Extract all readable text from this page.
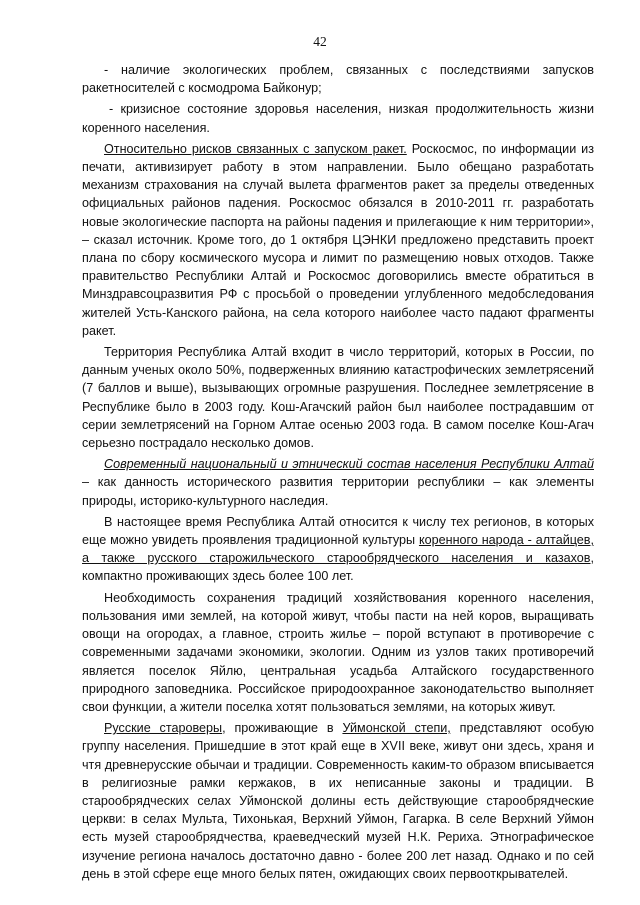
42

- наличие экологических проблем, связанных с последствиями запусков ракетносителей с космодрома Байконур;

- кризисное состояние здоровья населения, низкая продолжительность жизни коренного населения.

Относительно рисков связанных с запуском ракет. Роскосмос, по информации из печати, активизирует работу в этом направлении. Было обещано разработать механизм страхования на случай вылета фрагментов ракет за пределы отведенных официальных районов падения. Роскосмос обязался в 2010-2011 гг. разработать новые экологические паспорта на районы падения и прилегающие к ним территории», – сказал источник. Кроме того, до 1 октября ЦЭНКИ предложено представить проект плана по сбору космического мусора и лимит по размещению новых отходов. Также правительство Республики Алтай и Роскосмос договорились вместе обратиться в Минздравсоцразвития РФ с просьбой о проведении углубленного медобследования жителей Усть-Канского района, на села которого наиболее часто падают фрагменты ракет.

Территория Республика Алтай входит в число территорий, которых в России, по данным ученых около 50%, подверженных влиянию катастрофических землетрясений (7 баллов и выше), вызывающих огромные разрушения. Последнее землетрясение в Республике было в 2003 году. Кош-Агачский район был наиболее пострадавшим от серии землетрясений на Горном Алтае осенью 2003 года. В самом поселке Кош-Агач серьезно пострадало несколько домов.

Современный национальный и этнический состав населения Республики Алтай – как данность исторического развития территории республики – как элементы природы, историко-культурного наследия.

В настоящее время Республика Алтай относится к числу тех регионов, в которых еще можно увидеть проявления традиционной культуры коренного народа - алтайцев, а также русского старожильческого старообрядческого населения и казахов, компактно проживающих здесь более 100 лет.

Необходимость сохранения традиций хозяйствования коренного населения, пользования ими землей, на которой живут, чтобы пасти на ней коров, выращивать овощи на огородах, а главное, строить жилье – порой вступают в противоречие с современными задачами экономики, экологии. Одним из узлов таких противоречий является поселок Яйлю, центральная усадьба Алтайского государственного природного заповедника. Российское природоохранное законодательство выполняет свои функции, а жители поселка хотят пользоваться землями, на которых живут.

Русские староверы, проживающие в Уймонской степи, представляют особую группу населения. Пришедшие в этот край еще в XVII веке, живут они здесь, храня и чтя древнерусские обычаи и традиции. Современность каким-то образом вписывается в религиозные рамки кержаков, в их неписанные законы и традиции. В старообрядческих селах Уймонской долины есть действующие старообрядческие церкви: в селах Мульта, Тихонькая, Верхний Уймон, Гагарка. В селе Верхний Уймон есть музей старообрядчества, краеведческий музей Н.К. Рериха. Этнографическое изучение региона началось достаточно давно - более 200 лет назад. Однако и по сей день в этой сфере еще много белых пятен, ожидающих своих первооткрывателей.
